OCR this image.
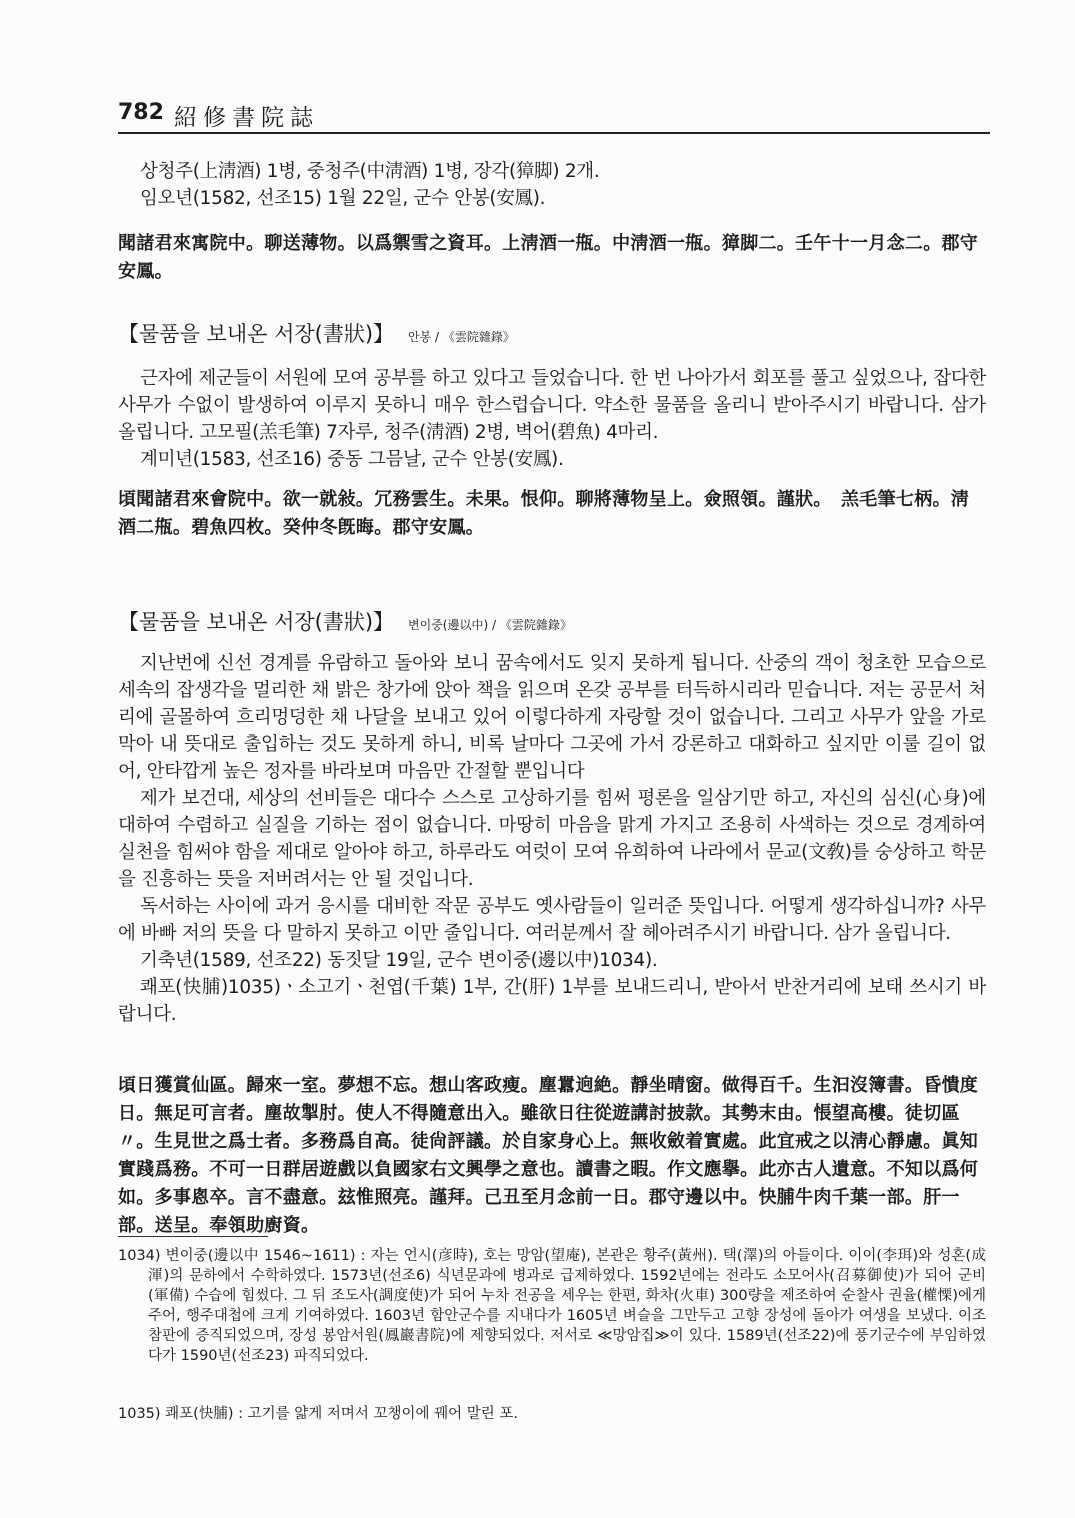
782 紹修書院誌

상청주(上淸酒) 1병, 중청주(中淸酒) 1병, 장각(獐脚) 2개.

임오년(1582, 선조15) 1월 22일, 군수 안봉(安鳳).

聞諸君來寓院中。聊送薄物。以爲禦雪之資耳。上淸酒一甁。中淸酒一甁。獐脚二。壬午十一月念二。郡守安鳳。
【물품을 보내온 서장(書狀)】 안봉 / 《雲院雜錄》

근자에 제군들이 서원에 모여 공부를 하고 있다고 들었습니다. 한 번 나아가서 회포를 풀고 싶었으나, 잡다한 사무가 수없이 발생하여 이루지 못하니 매우 한스럽습니다. 약소한 물품을 올리니 받아주시기 바랍니다. 삼가 올립니다. 고모필(羔毛筆) 7자루, 청주(淸酒) 2병, 벽어(碧魚) 4마리.

계미년(1583, 선조16) 중동 그믐날, 군수 안봉(安鳳).

頃聞諸君來會院中。欲一就敍。冗務雲生。未果。恨仰。聊將薄物呈上。僉照領。謹狀。　羔毛筆七柄。淸酒二甁。碧魚四枚。癸仲冬旣晦。郡守安鳳。
【물품을 보내온 서장(書狀)】 변이중(邊以中) / 《雲院雜錄》

지난번에 신선 경계를 유람하고 돌아와 보니 꿈속에서도 잊지 못하게 됩니다. 산중의 객이 청초한 모습으로 세속의 잡생각을 멀리한 채 밝은 창가에 앉아 책을 읽으며 온갖 공부를 터득하시리라 믿습니다. 저는 공문서 처리에 골몰하여 흐리멍덩한 채 나달을 보내고 있어 이렇다하게 자랑할 것이 없습니다. 그리고 사무가 앞을 가로막아 내 뜻대로 출입하는 것도 못하게 하니, 비록 날마다 그곳에 가서 강론하고 대화하고 싶지만 이룰 길이 없어, 안타깝게 높은 정자를 바라보며 마음만 간절할 뿐입니다

제가 보건대, 세상의 선비들은 대다수 스스로 고상하기를 힘써 평론을 일삼기만 하고, 자신의 심신(心身)에 대하여 수렴하고 실질을 기하는 점이 없습니다. 마땅히 마음을 맑게 가지고 조용히 사색하는 것으로 경계하여 실천을 힘써야 함을 제대로 알아야 하고, 하루라도 여럿이 모여 유희하여 나라에서 문교(文敎)를 숭상하고 학문을 진흥하는 뜻을 저버려서는 안 될 것입니다.

독서하는 사이에 과거 응시를 대비한 작문 공부도 옛사람들이 일러준 뜻입니다. 어떻게 생각하십니까? 사무에 바빠 저의 뜻을 다 말하지 못하고 이만 줄입니다. 여러분께서 잘 헤아려주시기 바랍니다. 삼가 올립니다.

기축년(1589, 선조22) 동짓달 19일, 군수 변이중(邊以中)1034).

쾌포(快脯)1035)ㆍ소고기ㆍ천엽(千葉) 1부, 간(肝) 1부를 보내드리니, 받아서 반찬거리에 보태 쓰시기 바랍니다.

頃日獲賞仙區。歸來一室。夢想不忘。想山客政瘦。塵囂逈絶。靜坐晴窗。做得百千。生汩沒簿書。昏憒度日。無足可言者。塵故掣肘。使人不得隨意出入。雖欲日往從遊講討披款。其勢末由。悵望高樓。徒切區〃。生見世之爲士者。多務爲自高。徒尙評議。於自家身心上。無收斂着實處。此宜戒之以淸心靜慮。眞知實踐爲務。不可一日群居遊戲以負國家右文興學之意也。讀書之暇。作文應擧。此亦古人遺意。不知以爲何如。多事悤卒。言不盡意。玆惟照亮。謹拜。己丑至月念前一日。郡守邊以中。快脯牛肉千葉一部。肝一部。送呈。奉領助廚資。
1034) 변이중(邊以中 1546~1611) : 자는 언시(彦時), 호는 망암(望庵), 본관은 황주(黃州). 택(澤)의 아들이다. 이이(李珥)와 성혼(成渾)의 문하에서 수학하였다. 1573년(선조6) 식년문과에 병과로 급제하였다. 1592년에는 전라도 소모어사(召募御使)가 되어 군비(軍備) 수습에 힘썼다. 그 뒤 조도사(調度使)가 되어 누차 전공을 세우는 한편, 화차(火車) 300량을 제조하여 순찰사 권율(權慄)에게 주어, 행주대첩에 크게 기여하였다. 1603년 함안군수를 지내다가 1605년 벼슬을 그만두고 고향 장성에 돌아가 여생을 보냈다. 이조참판에 증직되었으며, 장성 봉암서원(鳳巖書院)에 제향되었다. 저서로 ≪망암집≫이 있다. 1589년(선조22)에 풍기군수에 부임하였다가 1590년(선조23) 파직되었다.
1035) 쾌포(快脯) : 고기를 얇게 저며서 꼬챙이에 꿰어 말린 포.
